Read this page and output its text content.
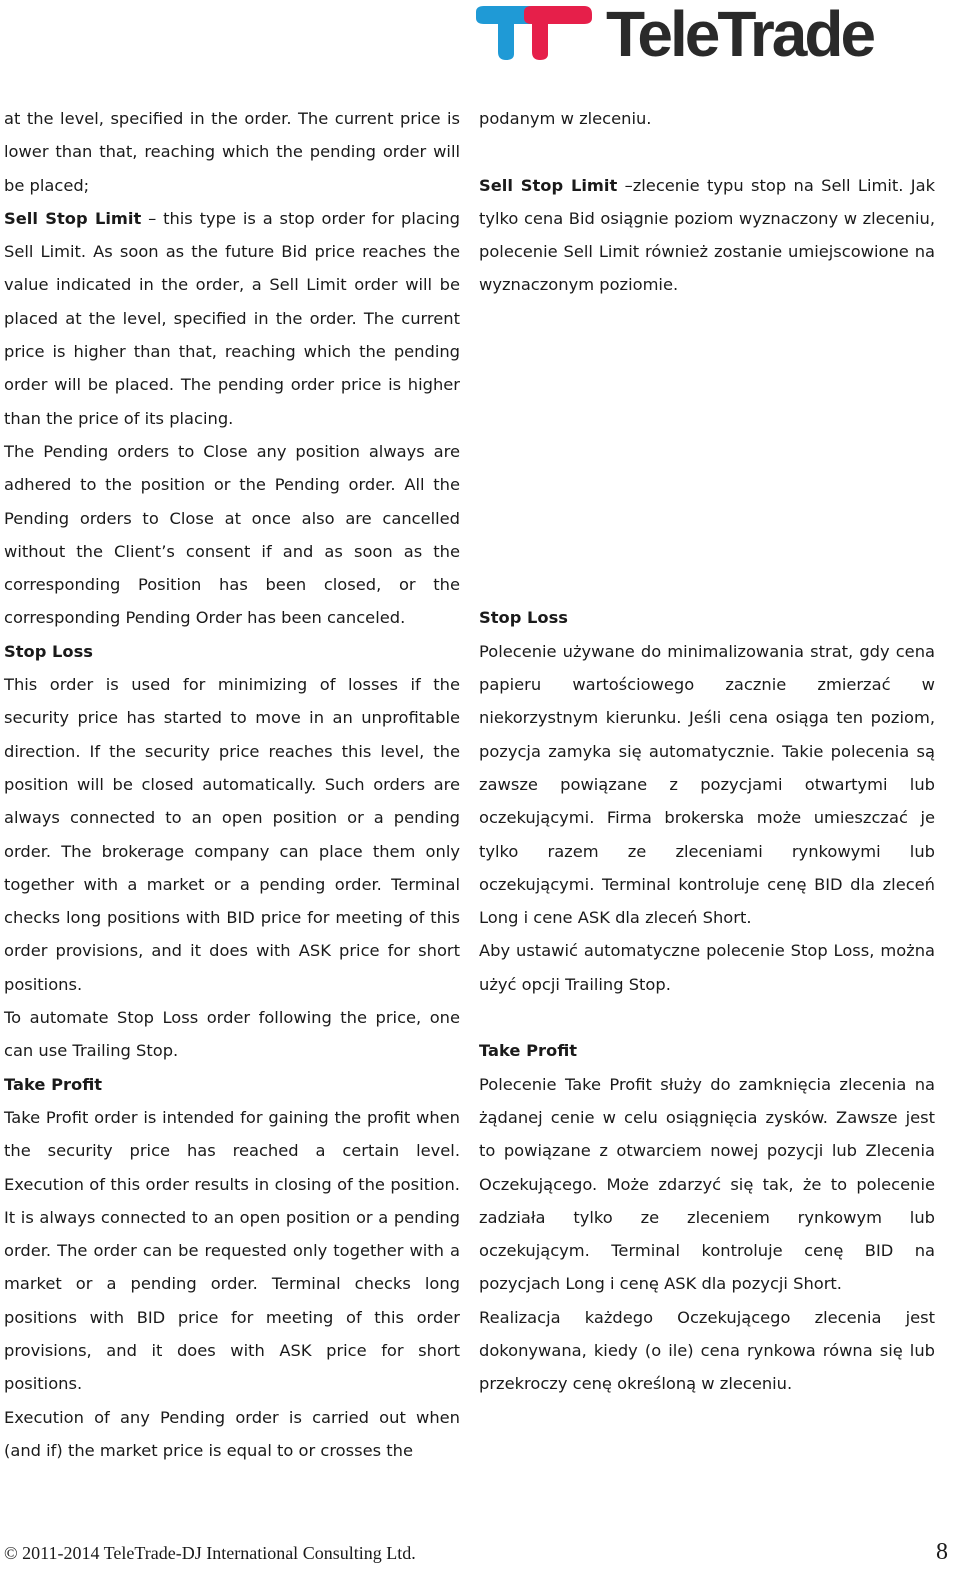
TeleTrade

at the level, specified in the order. The current price is lower than that, reaching which the pending order will be placed;

Sell Stop Limit – this type is a stop order for placing Sell Limit. As soon as the future Bid price reaches the value indicated in the order, a Sell Limit order will be placed at the level, specified in the order. The current price is higher than that, reaching which the pending order will be placed. The pending order price is higher than the price of its placing.

The Pending orders to Close any position always are adhered to the position or the Pending order. All the Pending orders to Close at once also are cancelled without the Client’s consent if and as soon as the corresponding Position has been closed, or the corresponding Pending Order has been canceled.

Stop Loss

This order is used for minimizing of losses if the security price has started to move in an unprofitable direction. If the security price reaches this level, the position will be closed automatically. Such orders are always connected to an open position or a pending order. The brokerage company can place them only together with a market or a pending order. Terminal checks long positions with BID price for meeting of this order provisions, and it does with ASK price for short positions.

To automate Stop Loss order following the price, one can use Trailing Stop.

Take Profit

Take Profit order is intended for gaining the profit when the security price has reached a certain level. Execution of this order results in closing of the position. It is always connected to an open position or a pending order. The order can be requested only together with a market or a pending order. Terminal checks long positions with BID price for meeting of this order provisions, and it does with ASK price for short positions.

Execution of any Pending order is carried out when (and if) the market price is equal to or crosses the

podanym w zleceniu.

Sell Stop Limit –zlecenie typu stop na Sell Limit. Jak tylko cena Bid osiągnie poziom wyznaczony w zleceniu, polecenie Sell Limit również zostanie umiejscowione na wyznaczonym poziomie.

Stop Loss

Polecenie używane do minimalizowania strat, gdy cena papieru wartościowego zacznie zmierzać w niekorzystnym kierunku. Jeśli cena osiąga ten poziom, pozycja zamyka się automatycznie. Takie polecenia są zawsze powiązane z pozycjami otwartymi lub oczekującymi. Firma brokerska może umieszczać je tylko razem ze zleceniami rynkowymi lub oczekującymi. Terminal kontroluje cenę BID dla zleceń Long i cene ASK dla zleceń Short.

Aby ustawić automatyczne polecenie Stop Loss, można użyć opcji Trailing Stop.

Take Profit

Polecenie Take Profit służy do zamknięcia zlecenia na żądanej cenie w celu osiągnięcia zysków. Zawsze jest to powiązane z otwarciem nowej pozycji lub Zlecenia Oczekującego. Może zdarzyć się tak, że to polecenie zadziała tylko ze zleceniem rynkowym lub oczekującym. Terminal kontroluje cenę BID na pozycjach Long i cenę ASK dla pozycji Short.

Realizacja każdego Oczekującego zlecenia jest dokonywana, kiedy (o ile) cena rynkowa równa się lub przekroczy cenę określoną w zleceniu.

© 2011-2014 TeleTrade-DJ International Consulting Ltd.	8
